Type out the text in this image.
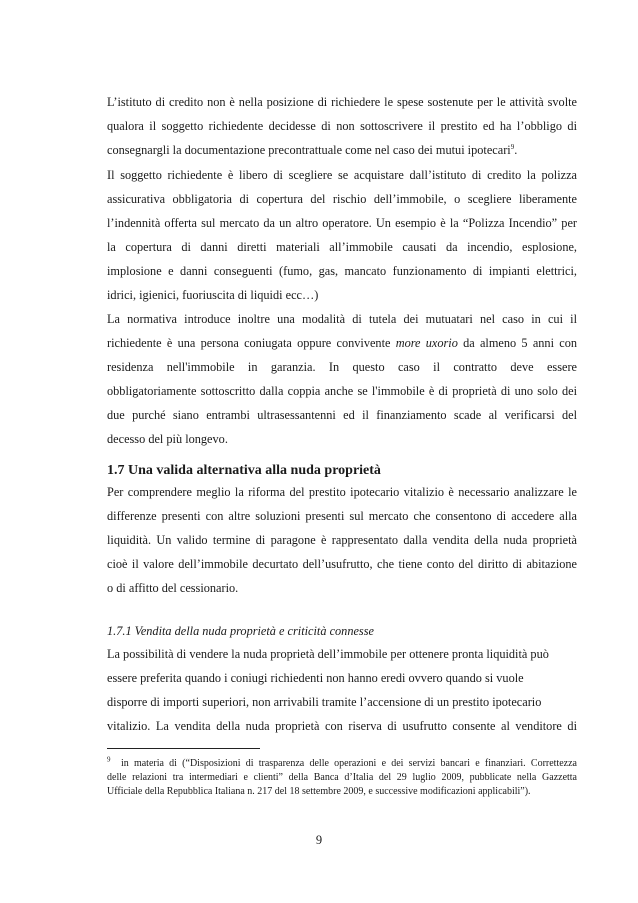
L’istituto di credito non è nella posizione di richiedere le spese sostenute per le attività svolte
qualora il soggetto richiedente decidesse di non sottoscrivere il prestito ed ha l’obbligo di
consegnargli la documentazione precontrattuale come nel caso dei mutui ipotecari$^9$.
Il soggetto richiedente è libero di scegliere se acquistare dall’istituto di credito la polizza
assicurativa obbligatoria di copertura del rischio dell’immobile, o scegliere liberamente
l’indennità offerta sul mercato da un altro operatore. Un esempio è la “Polizza Incendio” per
la copertura di danni diretti materiali all’immobile causati da incendio, esplosione,
implosione e danni conseguenti (fumo, gas, mancato funzionamento di impianti elettrici,
idrici, igienici, fuoriuscita di liquidi ecc…)
La normativa introduce inoltre una modalità di tutela dei mutuatari nel caso in cui il
richiedente è una persona coniugata oppure convivente more uxorio da almeno 5 anni con
residenza nell'immobile in garanzia. In questo caso il contratto deve essere
obbligatoriamente sottoscritto dalla coppia anche se l'immobile è di proprietà di uno solo dei
due purché siano entrambi ultrasessantenni ed il finanziamento scade al verificarsi del
decesso del più longevo.
1.7 Una valida alternativa alla nuda proprietà
Per comprendere meglio la riforma del prestito ipotecario vitalizio è necessario analizzare le
differenze presenti con altre soluzioni presenti sul mercato che consentono di accedere alla
liquidità. Un valido termine di paragone è rappresentato dalla vendita della nuda proprietà
cioè il valore dell’immobile decurtato dell’usufrutto, che tiene conto del diritto di abitazione
o di affitto del cessionario.
1.7.1 Vendita della nuda proprietà e criticità connesse
La possibilità di vendere la nuda proprietà dell’immobile per ottenere pronta liquidità può
essere preferita quando i coniugi richiedenti non hanno eredi ovvero quando si vuole
disporre di importi superiori, non arrivabili tramite l’accensione di un prestito ipotecario
vitalizio. La vendita della nuda proprietà con riserva di usufrutto consente al venditore di
$^9$ in materia di (“Disposizioni di trasparenza delle operazioni e dei servizi bancari e finanziari. Correttezza
delle relazioni tra intermediari e clienti” della Banca d’Italia del 29 luglio 2009, pubblicate nella Gazzetta
Ufficiale della Repubblica Italiana n. 217 del 18 settembre 2009, e successive modificazioni applicabili”).
9
